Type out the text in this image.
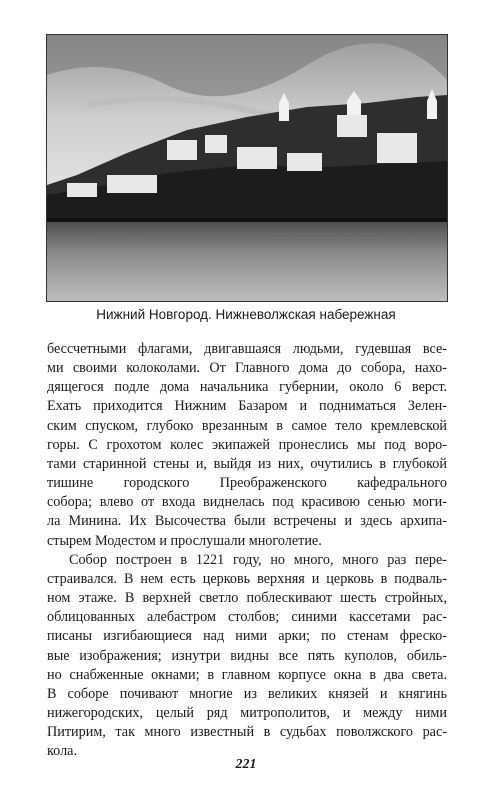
Нижний Новгород. Нижневолжская набережная
бессчетными флагами, двигавшаяся людьми, гудевшая все-
ми своими колоколами. От Главного дома до собора, нахо-
дящегося подле дома начальника губернии, около 6 верст.
Ехать приходится Нижним Базаром и подниматься Зелен-
ским спуском, глубоко врезанным в самое тело кремлевской
горы. С грохотом колес экипажей пронеслись мы под воро-
тами старинной стены и, выйдя из них, очутились в глубокой
тишине городского Преображенского кафедрального
собора; влево от входа виднелась под красивою сенью моги-
ла Минина. Их Высочества были встречены и здесь архипа-
стырем Модестом и прослушали многолетие.
Собор построен в 1221 году, но много, много раз пере-
страивался. В нем есть церковь верхняя и церковь в подваль-
ном этаже. В верхней светло поблескивают шесть стройных,
облицованных алебастром столбов; синими кассетами рас-
писаны изгибающиеся над ними арки; по стенам фреско-
вые изображения; изнутри видны все пять куполов, обиль-
но снабженные окнами; в главном корпусе окна в два света.
В соборе почивают многие из великих князей и княгинь
нижегородских, целый ряд митрополитов, и между ними
Питирим, так много известный в судьбах поволжского рас-
кола.
221
